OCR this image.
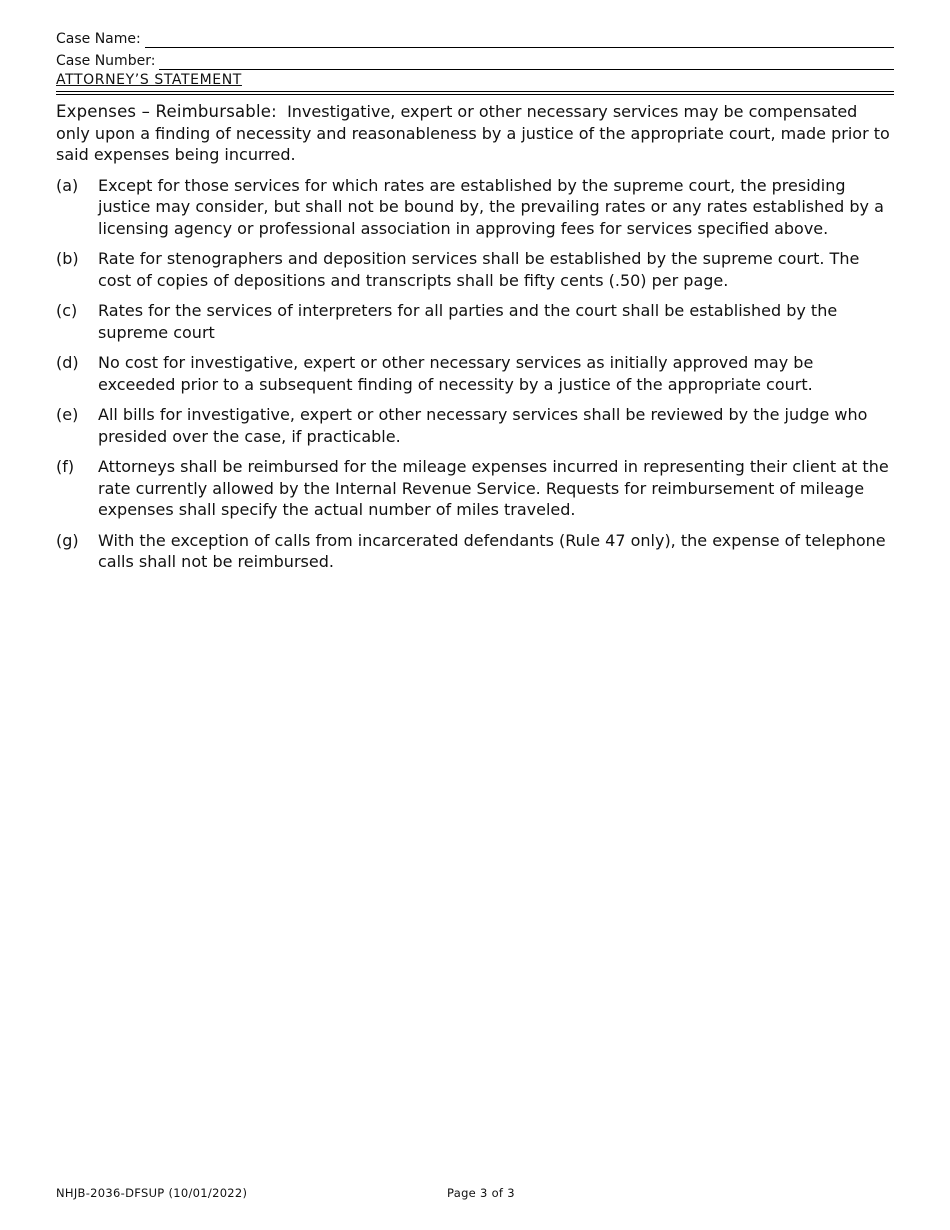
Case Name:
Case Number:
ATTORNEY’S STATEMENT
Expenses – Reimbursable: Investigative, expert or other necessary services may be compensated only upon a finding of necessity and reasonableness by a justice of the appropriate court, made prior to said expenses being incurred.
(a)	Except for those services for which rates are established by the supreme court, the presiding justice may consider, but shall not be bound by, the prevailing rates or any rates established by a licensing agency or professional association in approving fees for services specified above.
(b)	Rate for stenographers and deposition services shall be established by the supreme court. The cost of copies of depositions and transcripts shall be fifty cents (.50) per page.
(c)	Rates for the services of interpreters for all parties and the court shall be established by the supreme court
(d)	No cost for investigative, expert or other necessary services as initially approved may be exceeded prior to a subsequent finding of necessity by a justice of the appropriate court.
(e)	All bills for investigative, expert or other necessary services shall be reviewed by the judge who presided over the case, if practicable.
(f)	Attorneys shall be reimbursed for the mileage expenses incurred in representing their client at the rate currently allowed by the Internal Revenue Service. Requests for reimbursement of mileage expenses shall specify the actual number of miles traveled.
(g)	With the exception of calls from incarcerated defendants (Rule 47 only), the expense of telephone calls shall not be reimbursed.
NHJB-2036-DFSUP (10/01/2022)	Page 3 of 3
